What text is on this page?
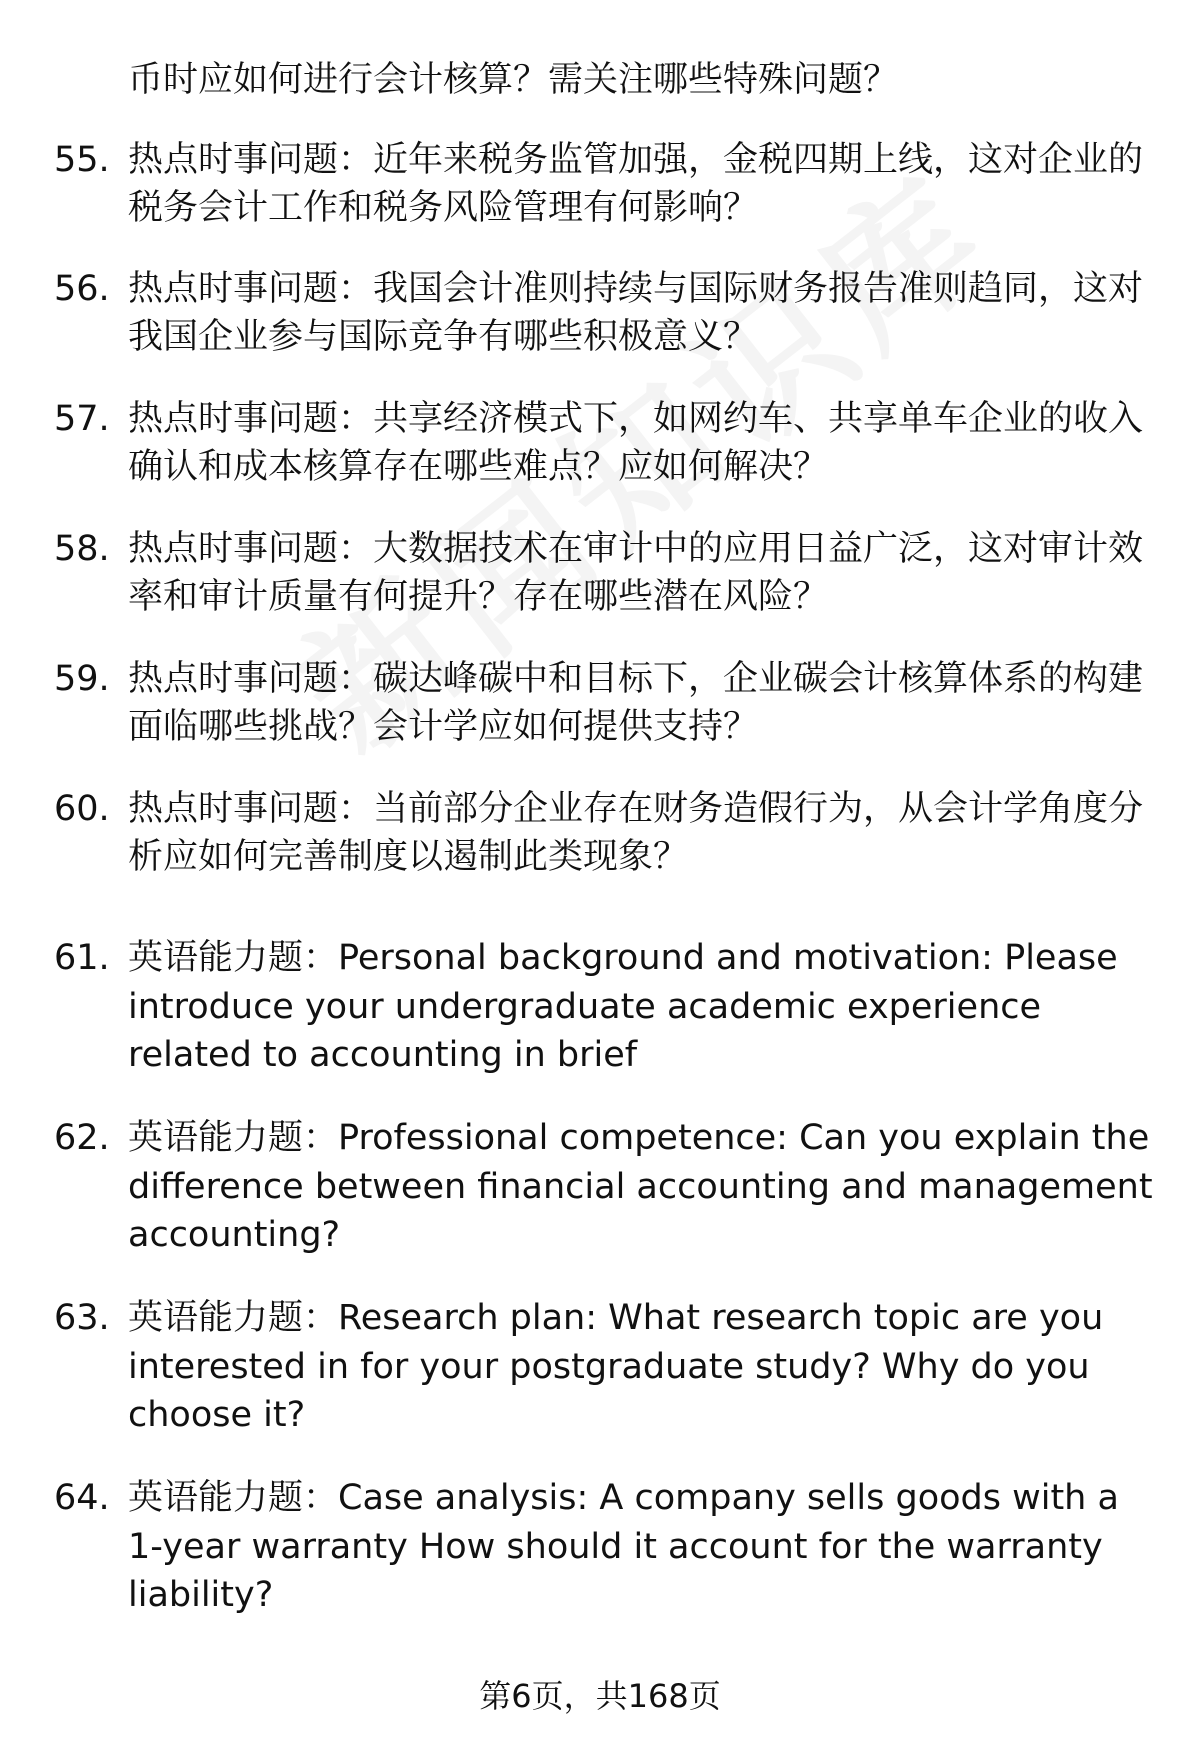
币时应如何进行会计核算？需关注哪些特殊问题？
55. 热点时事问题：近年来税务监管加强，金税四期上线，这对企业的税务会计工作和税务风险管理有何影响？
56. 热点时事问题：我国会计准则持续与国际财务报告准则趋同，这对我国企业参与国际竞争有哪些积极意义？
57. 热点时事问题：共享经济模式下，如网约车、共享单车企业的收入确认和成本核算存在哪些难点？应如何解决？
58. 热点时事问题：大数据技术在审计中的应用日益广泛，这对审计效率和审计质量有何提升？存在哪些潜在风险？
59. 热点时事问题：碳达峰碳中和目标下，企业碳会计核算体系的构建面临哪些挑战？会计学应如何提供支持？
60. 热点时事问题：当前部分企业存在财务造假行为，从会计学角度分析应如何完善制度以遏制此类现象？
61. 英语能力题：Personal background and motivation: Please introduce your undergraduate academic experience related to accounting in brief
62. 英语能力题：Professional competence: Can you explain the difference between financial accounting and management accounting?
63. 英语能力题：Research plan: What research topic are you interested in for your postgraduate study? Why do you choose it?
64. 英语能力题：Case analysis: A company sells goods with a 1-year warranty How should it account for the warranty liability?
第6页，共168页
